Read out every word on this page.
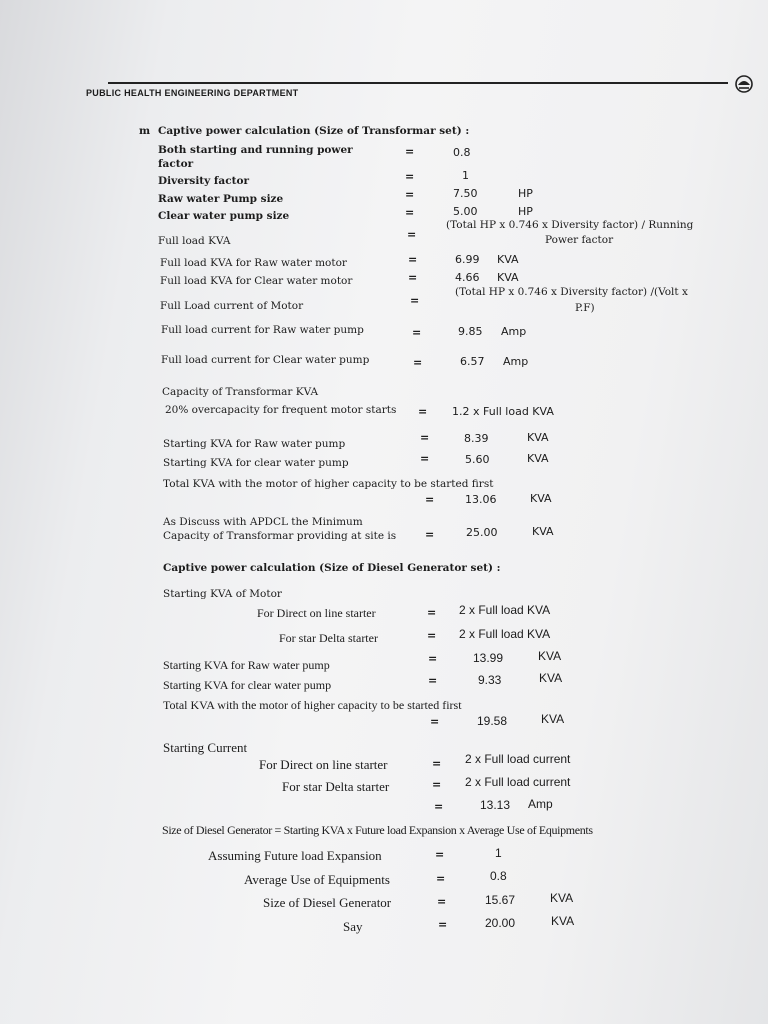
PUBLIC HEALTH ENGINEERING DEPARTMENT
m Captive power calculation (Size of Transformar set) :
Both starting and running power factor
=	0.8
Diversity factor	=	1
Raw water Pump size	=	7.50	HP
Clear water pump size	=	5.00	HP
Full load KVA	=
(Total HP x 0.746 x Diversity factor) / Running
Power factor
Full load KVA for Raw water motor	=	6.99 KVA
Full load KVA for Clear water motor	=	4.66 KVA
Full Load current of Motor	=
(Total HP x 0.746 x Diversity factor) /(Volt x
P.F)
Full load current for Raw water pump	=	9.85 Amp
Full load current for Clear water pump	=	6.57 Amp
Capacity of Transformar KVA
20% overcapacity for frequent motor starts	= 1.2 x Full load KVA
Starting KVA for Raw water pump	=	8.39	KVA
Starting KVA for clear water pump	=	5.60	KVA
Total KVA with the motor of higher capacity to be started first
=	13.06	KVA
As Discuss with APDCL the Minimum Capacity of Transformar providing at site is	=	25.00	KVA
Captive power calculation (Size of Diesel Generator set) :
Starting KVA of Motor
For Direct on line starter	= 2 x Full load KVA
For star Delta starter	= 2 x Full load KVA
Starting KVA for Raw water pump	=	13.99	KVA
Starting KVA for clear water pump	=	9.33	KVA
Total KVA with the motor of higher capacity to be started first
=	19.58	KVA
Starting Current
For Direct on line starter	= 2 x Full load current
For star Delta starter	= 2 x Full load current
=	13.13 Amp
Size of Diesel Generator = Starting KVA x Future load Expansion x Average Use of Equipments
Assuming Future load Expansion	=	1
Average Use of Equipments	=	0.8
Size of Diesel Generator	=	15.67	KVA
Say	=	20.00	KVA
